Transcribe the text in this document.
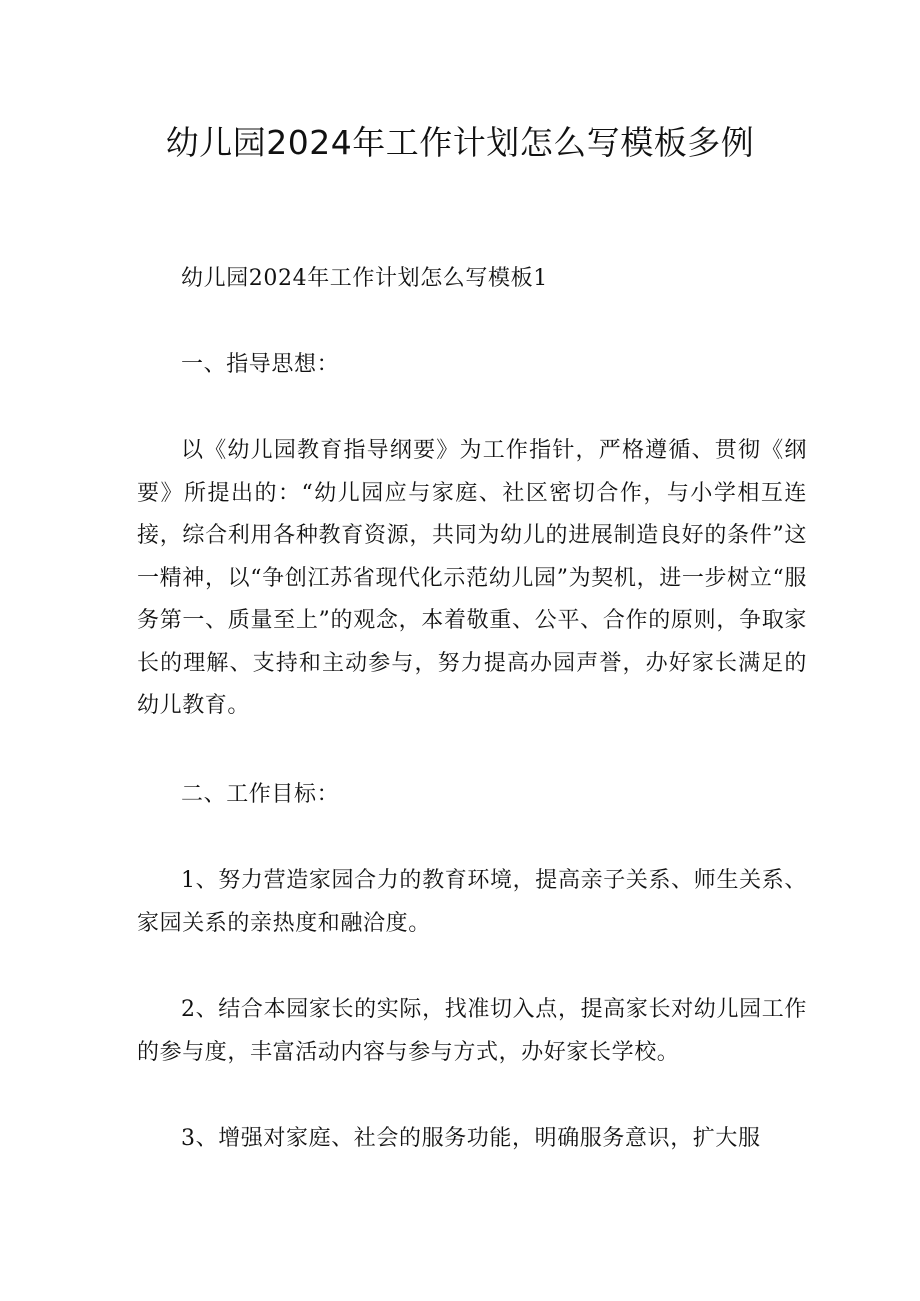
幼儿园2024年工作计划怎么写模板多例

幼儿园2024年工作计划怎么写模板1

一、指导思想：

以《幼儿园教育指导纲要》为工作指针，严格遵循、贯彻《纲要》所提出的：“幼儿园应与家庭、社区密切合作，与小学相互连接，综合利用各种教育资源，共同为幼儿的进展制造良好的条件”这一精神，以“争创江苏省现代化示范幼儿园”为契机，进一步树立“服务第一、质量至上”的观念，本着敬重、公平、合作的原则，争取家长的理解、支持和主动参与，努力提高办园声誉，办好家长满足的幼儿教育。

二、工作目标：

1、努力营造家园合力的教育环境，提高亲子关系、师生关系、家园关系的亲热度和融洽度。

2、结合本园家长的实际，找准切入点，提高家长对幼儿园工作的参与度，丰富活动内容与参与方式，办好家长学校。

3、增强对家庭、社会的服务功能，明确服务意识，扩大服
